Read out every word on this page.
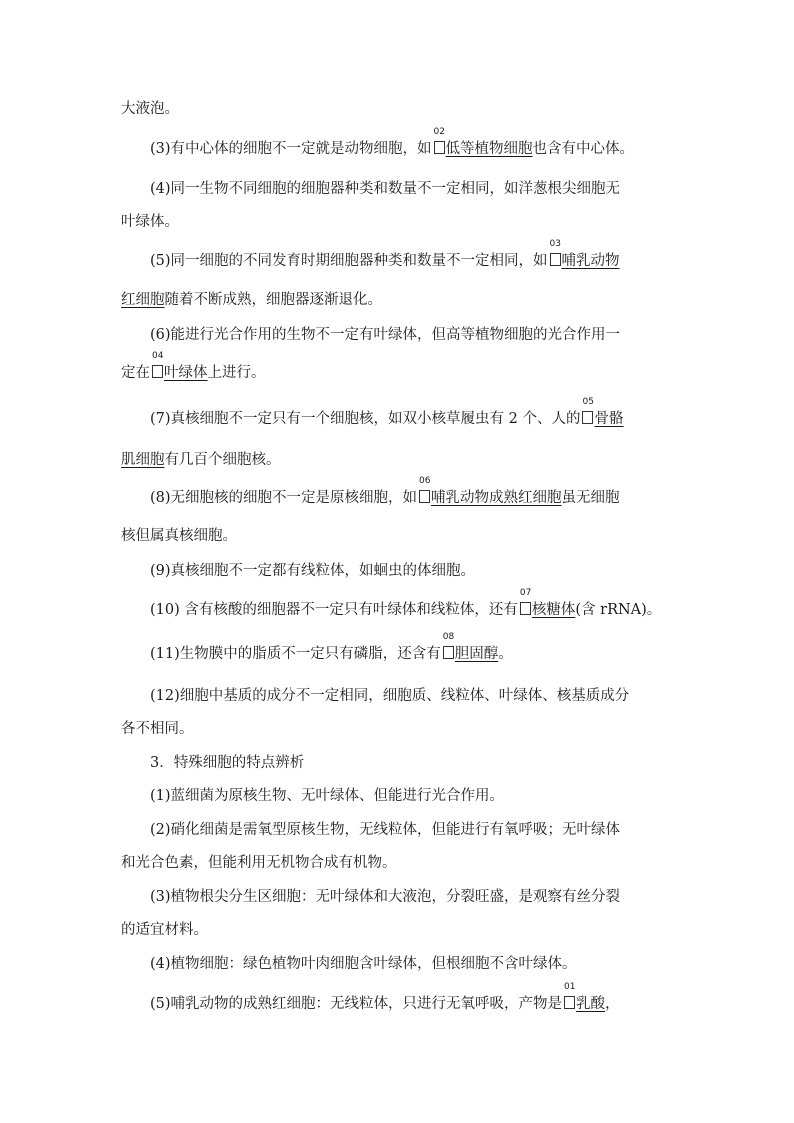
大液泡。
(3)有中心体的细胞不一定就是动物细胞，如
02
低等植物细胞也含有中心体。
(4)同一生物不同细胞的细胞器种类和数量不一定相同，如洋葱根尖细胞无
叶绿体。
(5)同一细胞的不同发育时期细胞器种类和数量不一定相同，如
03
哺乳动物
红细胞随着不断成熟，细胞器逐渐退化。
(6)能进行光合作用的生物不一定有叶绿体，但高等植物细胞的光合作用一
定在
04
叶绿体上进行。
(7)真核细胞不一定只有一个细胞核，如双小核草履虫有 2 个、人的
05
骨骼
肌细胞有几百个细胞核。
(8)无细胞核的细胞不一定是原核细胞，如
06
哺乳动物成熟红细胞虽无细胞
核但属真核细胞。
(9)真核细胞不一定都有线粒体，如蛔虫的体细胞。
(10) 含有核酸的细胞器不一定只有叶绿体和线粒体，还有
07
核糖体(含 rRNA)。
(11)生物膜中的脂质不一定只有磷脂，还含有
08
胆固醇。
(12)细胞中基质的成分不一定相同，细胞质、线粒体、叶绿体、核基质成分
各不相同。
3．特殊细胞的特点辨析
(1)蓝细菌为原核生物、无叶绿体、但能进行光合作用。
(2)硝化细菌是需氧型原核生物，无线粒体，但能进行有氧呼吸；无叶绿体
和光合色素，但能利用无机物合成有机物。
(3)植物根尖分生区细胞：无叶绿体和大液泡，分裂旺盛，是观察有丝分裂
的适宜材料。
(4)植物细胞：绿色植物叶肉细胞含叶绿体，但根细胞不含叶绿体。
(5)哺乳动物的成熟红细胞：无线粒体，只进行无氧呼吸，产物是
01
乳酸，
